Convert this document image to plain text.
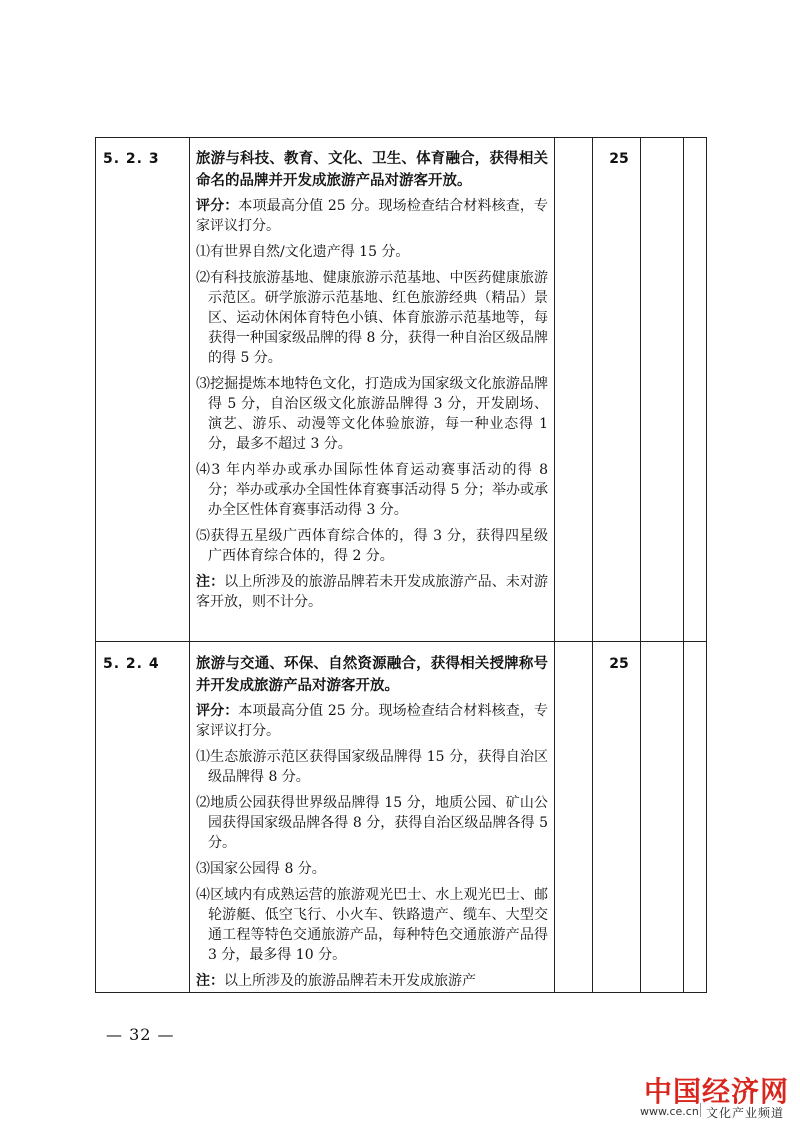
5. 2. 3	25

旅游与科技、教育、文化、卫生、体育融合，获得相关命名的品牌并开发成旅游产品对游客开放。

评分：本项最高分值 25 分。现场检查结合材料核查，专家评议打分。

⑴有世界自然/文化遗产得 15 分。

⑵有科技旅游基地、健康旅游示范基地、中医药健康旅游示范区。研学旅游示范基地、红色旅游经典（精品）景区、运动休闲体育特色小镇、体育旅游示范基地等，每获得一种国家级品牌的得 8 分，获得一种自治区级品牌的得 5 分。

⑶挖掘提炼本地特色文化，打造成为国家级文化旅游品牌得 5 分，自治区级文化旅游品牌得 3 分，开发剧场、演艺、游乐、动漫等文化体验旅游，每一种业态得 1 分，最多不超过 3 分。

⑷3 年内举办或承办国际性体育运动赛事活动的得 8 分；举办或承办全国性体育赛事活动得 5 分；举办或承办全区性体育赛事活动得 3 分。

⑸获得五星级广西体育综合体的，得 3 分，获得四星级广西体育综合体的，得 2 分。

注：以上所涉及的旅游品牌若未开发成旅游产品、未对游客开放，则不计分。

5. 2. 4	25

旅游与交通、环保、自然资源融合，获得相关授牌称号并开发成旅游产品对游客开放。

评分：本项最高分值 25 分。现场检查结合材料核查，专家评议打分。

⑴生态旅游示范区获得国家级品牌得 15 分，获得自治区级品牌得 8 分。

⑵地质公园获得世界级品牌得 15 分，地质公园、矿山公园获得国家级品牌各得 8 分，获得自治区级品牌各得 5 分。

⑶国家公园得 8 分。

⑷区域内有成熟运营的旅游观光巴士、水上观光巴士、邮轮游艇、低空飞行、小火车、铁路遗产、缆车、大型交通工程等特色交通旅游产品，每种特色交通旅游产品得 3 分，最多得 10 分。

注：以上所涉及的旅游品牌若未开发成旅游产

— 32 —
中国经济网
www.ce.cn 文化产业频道
